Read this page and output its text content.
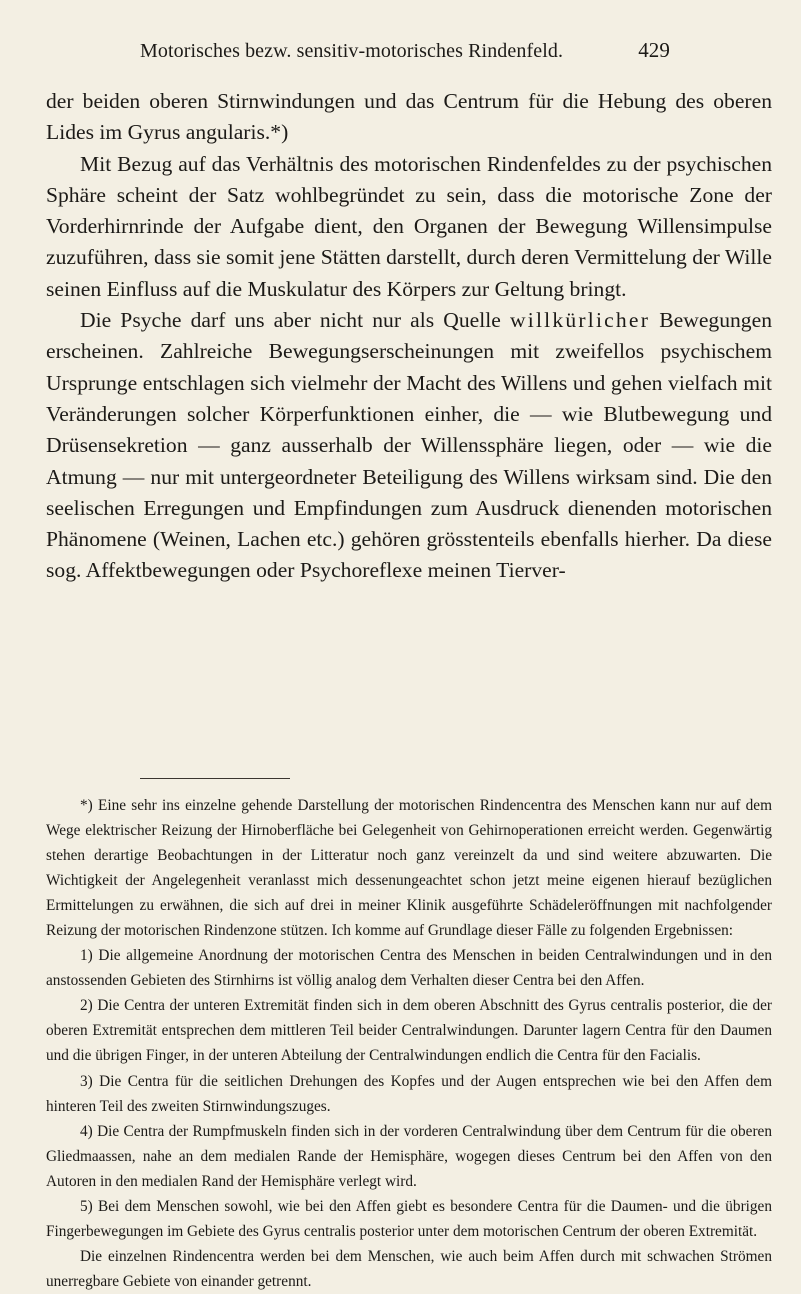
Motorisches bezw. sensitiv-motorisches Rindenfeld.	429

der beiden oberen Stirnwindungen und das Centrum für die Hebung des oberen Lides im Gyrus angularis.*)

Mit Bezug auf das Verhältnis des motorischen Rindenfeldes zu der psychischen Sphäre scheint der Satz wohlbegründet zu sein, dass die motorische Zone der Vorderhirnrinde der Aufgabe dient, den Organen der Bewegung Willensimpulse zuzuführen, dass sie somit jene Stätten darstellt, durch deren Vermittelung der Wille seinen Einfluss auf die Muskulatur des Körpers zur Geltung bringt.

Die Psyche darf uns aber nicht nur als Quelle willkürlicher Bewegungen erscheinen. Zahlreiche Bewegungserscheinungen mit zweifellos psychischem Ursprunge entschlagen sich vielmehr der Macht des Willens und gehen vielfach mit Veränderungen solcher Körperfunktionen einher, die — wie Blutbewegung und Drüsensekretion — ganz ausserhalb der Willenssphäre liegen, oder — wie die Atmung — nur mit untergeordneter Beteiligung des Willens wirksam sind. Die den seelischen Erregungen und Empfindungen zum Ausdruck dienenden motorischen Phänomene (Weinen, Lachen etc.) gehören grösstenteils ebenfalls hierher. Da diese sog. Affektbewegungen oder Psychoreflexe meinen Tierver-

*) Eine sehr ins einzelne gehende Darstellung der motorischen Rindencentra des Menschen kann nur auf dem Wege elektrischer Reizung der Hirnoberfläche bei Gelegenheit von Gehirnoperationen erreicht werden. Gegenwärtig stehen derartige Beobachtungen in der Litteratur noch ganz vereinzelt da und sind weitere abzuwarten. Die Wichtigkeit der Angelegenheit veranlasst mich dessenungeachtet schon jetzt meine eigenen hierauf bezüglichen Ermittelungen zu erwähnen, die sich auf drei in meiner Klinik ausgeführte Schädeleröffnungen mit nachfolgender Reizung der motorischen Rindenzone stützen. Ich komme auf Grundlage dieser Fälle zu folgenden Ergebnissen:

1) Die allgemeine Anordnung der motorischen Centra des Menschen in beiden Centralwindungen und in den anstossenden Gebieten des Stirnhirns ist völlig analog dem Verhalten dieser Centra bei den Affen.

2) Die Centra der unteren Extremität finden sich in dem oberen Abschnitt des Gyrus centralis posterior, die der oberen Extremität entsprechen dem mittleren Teil beider Centralwindungen. Darunter lagern Centra für den Daumen und die übrigen Finger, in der unteren Abteilung der Centralwindungen endlich die Centra für den Facialis.

3) Die Centra für die seitlichen Drehungen des Kopfes und der Augen entsprechen wie bei den Affen dem hinteren Teil des zweiten Stirnwindungszuges.

4) Die Centra der Rumpfmuskeln finden sich in der vorderen Centralwindung über dem Centrum für die oberen Gliedmaassen, nahe an dem medialen Rande der Hemisphäre, wogegen dieses Centrum bei den Affen von den Autoren in den medialen Rand der Hemisphäre verlegt wird.

5) Bei dem Menschen sowohl, wie bei den Affen giebt es besondere Centra für die Daumen- und die übrigen Fingerbewegungen im Gebiete des Gyrus centralis posterior unter dem motorischen Centrum der oberen Extremität.

Die einzelnen Rindencentra werden bei dem Menschen, wie auch beim Affen durch mit schwachen Strömen unerregbare Gebiete von einander getrennt.
